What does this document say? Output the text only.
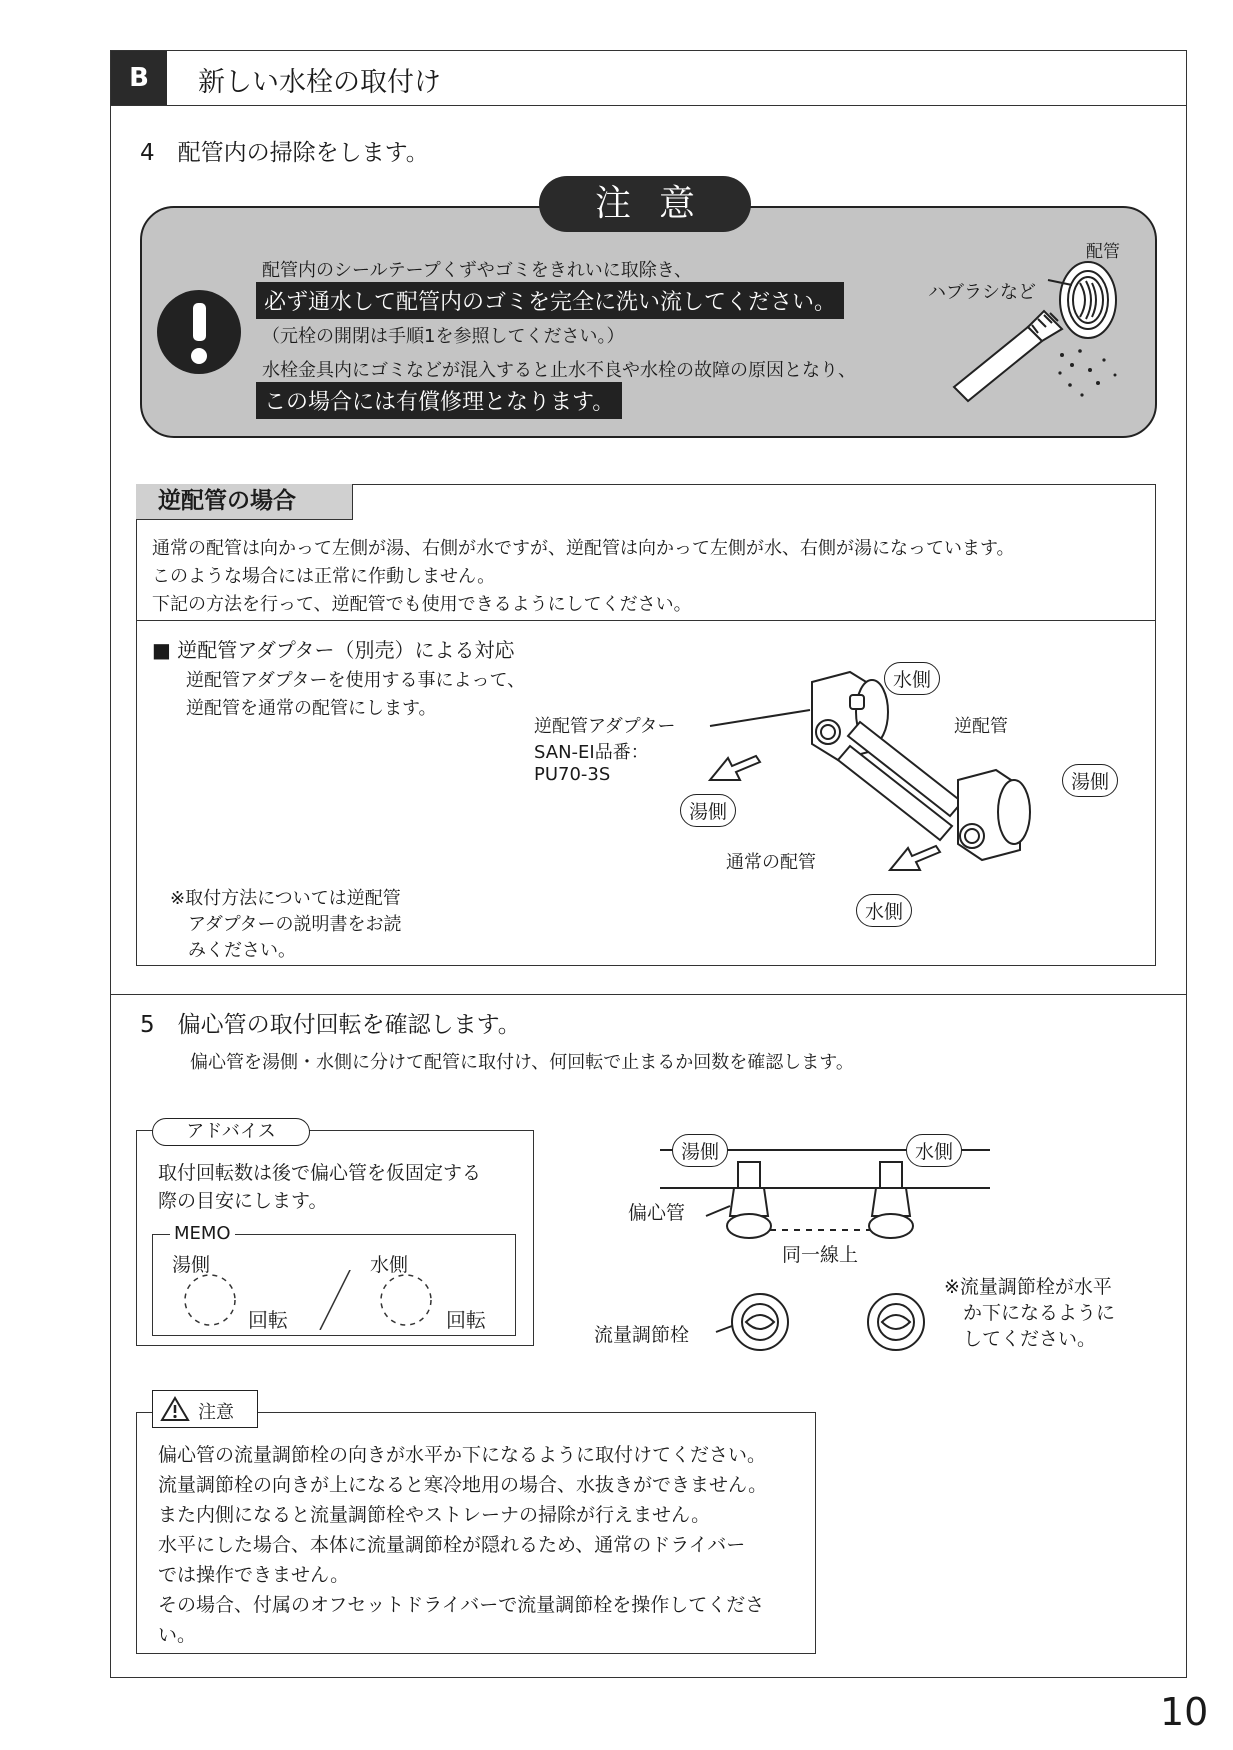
B	新しい水栓の取付け
4　配管内の掃除をします。
注意
配管内のシールテープくずやゴミをきれいに取除き、
必ず通水して配管内のゴミを完全に洗い流してください。
（元栓の開閉は手順1を参照してください。）
水栓金具内にゴミなどが混入すると止水不良や水栓の故障の原因となり、
この場合には有償修理となります。
配管
ハブラシなど
逆配管の場合
通常の配管は向かって左側が湯、右側が水ですが、逆配管は向かって左側が水、右側が湯になっています。
このような場合には正常に作動しません。
下記の方法を行って、逆配管でも使用できるようにしてください。
■ 逆配管アダプター（別売）による対応
逆配管アダプターを使用する事によって、
逆配管を通常の配管にします。
逆配管アダプター
SAN-EI品番：
PU70-3S
水側
逆配管
湯側
湯側
通常の配管
水側
※取付方法については逆配管
　アダプターの説明書をお読
　みください。
5　偏心管の取付回転を確認します。
偏心管を湯側・水側に分けて配管に取付け、何回転で止まるか回数を確認します。
アドバイス
取付回転数は後で偏心管を仮固定する
際の目安にします。
MEMO
湯側	水側
回転	回転
湯側	水側
偏心管
同一線上
流量調節栓
※流量調節栓が水平
　か下になるように
　してください。
注意
偏心管の流量調節栓の向きが水平か下になるように取付けてください。
流量調節栓の向きが上になると寒冷地用の場合、水抜きができません。
また内側になると流量調節栓やストレーナの掃除が行えません。
水平にした場合、本体に流量調節栓が隠れるため、通常のドライバー
では操作できません。
その場合、付属のオフセットドライバーで流量調節栓を操作してくださ
い。
10
